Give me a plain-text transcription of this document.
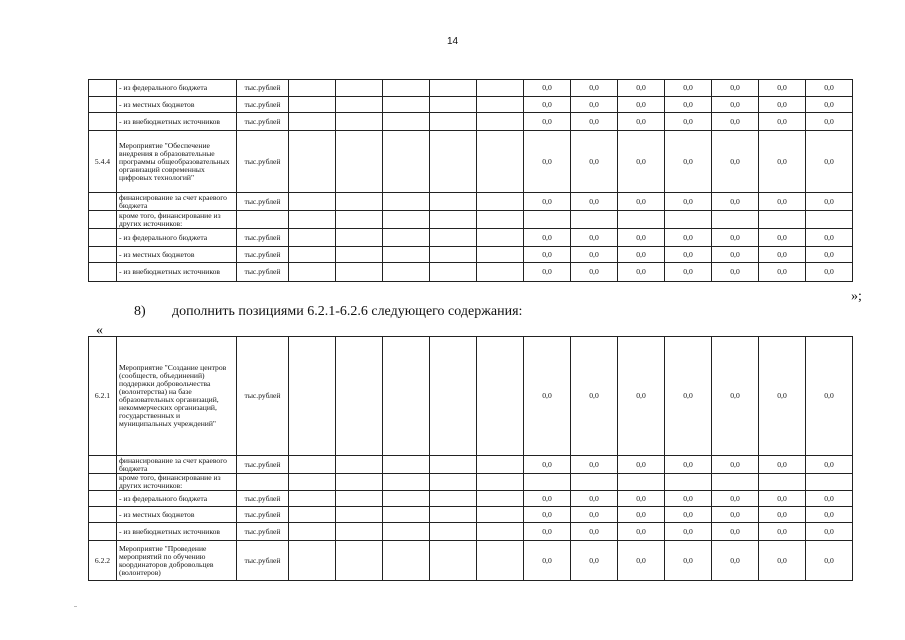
14
	- из федерального бюджета	тыс.рублей						0,0	0,0	0,0	0,0	0,0	0,0	0,0
	- из местных бюджетов	тыс.рублей						0,0	0,0	0,0	0,0	0,0	0,0	0,0
	- из внебюджетных источников	тыс.рублей						0,0	0,0	0,0	0,0	0,0	0,0	0,0
5.4.4	Мероприятие "Обеспечение внедрения в образовательные программы общеобразовательных организаций современных цифровых технологий"	тыс.рублей						0,0	0,0	0,0	0,0	0,0	0,0	0,0
	финансирование за счет краевого бюджета	тыс.рублей						0,0	0,0	0,0	0,0	0,0	0,0	0,0
	кроме того, финансирование из других источников:													
	- из федерального бюджета	тыс.рублей						0,0	0,0	0,0	0,0	0,0	0,0	0,0
	- из местных бюджетов	тыс.рублей						0,0	0,0	0,0	0,0	0,0	0,0	0,0
	- из внебюджетных источников	тыс.рублей						0,0	0,0	0,0	0,0	0,0	0,0	0,0
»;
8) дополнить позициями 6.2.1-6.2.6 следующего содержания:
«
6.2.1	Мероприятие "Создание центров (сообществ, объединений) поддержки добровольчества (волонтерства) на базе образовательных организаций, некоммерческих организаций, государственных и муниципальных учреждений"	тыс.рублей						0,0	0,0	0,0	0,0	0,0	0,0	0,0
	финансирование за счет краевого бюджета	тыс.рублей						0,0	0,0	0,0	0,0	0,0	0,0	0,0
	кроме того, финансирование из других источников:													
	- из федерального бюджета	тыс.рублей						0,0	0,0	0,0	0,0	0,0	0,0	0,0
	- из местных бюджетов	тыс.рублей						0,0	0,0	0,0	0,0	0,0	0,0	0,0
	- из внебюджетных источников	тыс.рублей						0,0	0,0	0,0	0,0	0,0	0,0	0,0
6.2.2	Мероприятие "Проведение мероприятий по обучению координаторов добровольцев (волонтеров)	тыс.рублей						0,0	0,0	0,0	0,0	0,0	0,0	0,0
